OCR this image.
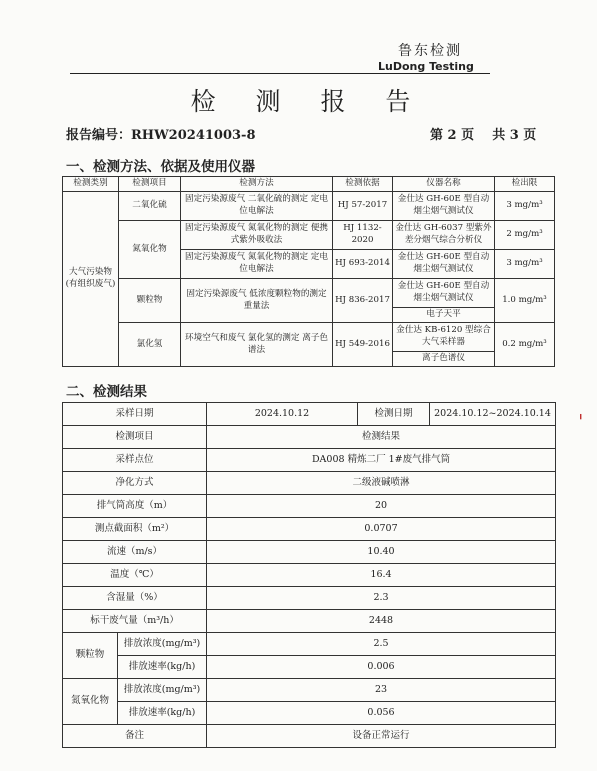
鲁东检测
LuDong Testing
检 测 报 告
报告编号：RHW20241003-8	第 2 页    共 3 页
一、检测方法、依据及使用仪器
检测类别	检测项目	检测方法	检测依据	仪器名称	检出限
大气污染物
(有组织废气)	二氧化硫	固定污染源废气 二氧化硫的测定 定电位电解法	HJ 57-2017	金仕达 GH-60E 型自动烟尘烟气测试仪	3 mg/m³
	氮氧化物	固定污染源废气 氮氧化物的测定 便携式紫外吸收法	HJ 1132-2020	金仕达 GH-6037 型紫外差分烟气综合分析仪	2 mg/m³
		固定污染源废气 氮氧化物的测定 定电位电解法	HJ 693-2014	金仕达 GH-60E 型自动烟尘烟气测试仪	3 mg/m³
	颗粒物	固定污染源废气 低浓度颗粒物的测定 重量法	HJ 836-2017	金仕达 GH-60E 型自动烟尘烟气测试仪	1.0 mg/m³
				电子天平	
	氯化氢	环境空气和废气 氯化氢的测定 离子色谱法	HJ 549-2016	金仕达 KB-6120 型综合大气采样器	0.2 mg/m³
				离子色谱仪	
二、检测结果
采样日期		2024.10.12	检测日期	2024.10.12~2024.10.14
检测项目		检测结果		
采样点位		DA008 精炼二厂 1#废气排气筒		
净化方式		二级液碱喷淋		
排气筒高度（m）		20		
测点截面积（m²）		0.0707		
流速（m/s）		10.40		
温度（℃）		16.4		
含湿量（%）		2.3		
标干废气量（m³/h）		2448		
颗粒物	排放浓度(mg/m³)	2.5		
	排放速率(kg/h)	0.006		
氮氧化物	排放浓度(mg/m³)	23		
	排放速率(kg/h)	0.056		
备注		设备正常运行		
╻
